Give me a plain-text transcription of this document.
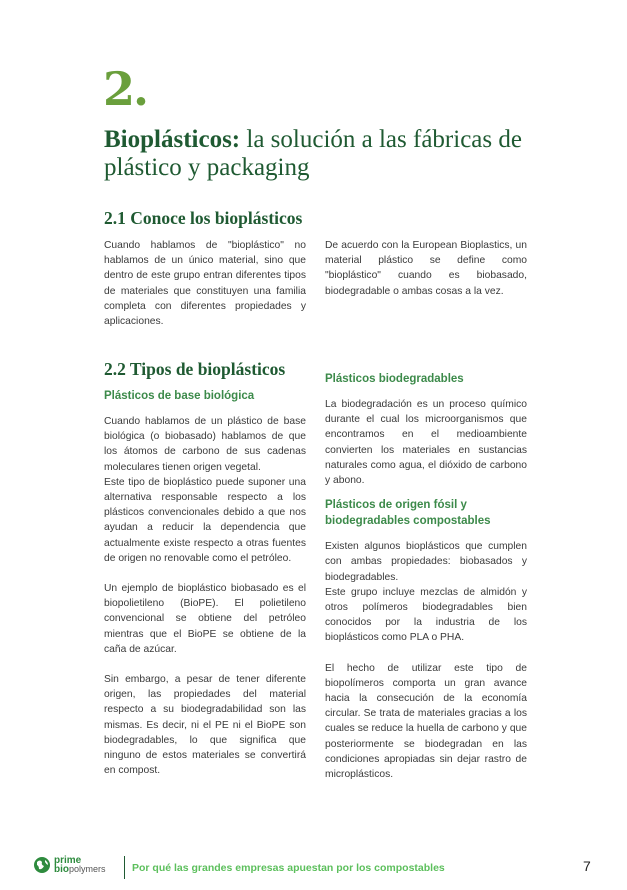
2.
Bioplásticos: la solución a las fábricas de plástico y packaging
2.1 Conoce los bioplásticos

Cuando hablamos de "bioplástico" no hablamos de un único material, sino que dentro de este grupo entran diferentes tipos de materiales que constituyen una familia completa con diferentes propiedades y aplicaciones.

De acuerdo con la European Bioplastics, un material plástico se define como "bioplástico" cuando es biobasado, biodegradable o ambas cosas a la vez.

2.2 Tipos de bioplásticos
Plásticos de base biológica

Cuando hablamos de un plástico de base biológica (o biobasado) hablamos de que los átomos de carbono de sus cadenas moleculares tienen origen vegetal.

Este tipo de bioplástico puede suponer una alternativa responsable respecto a los plásticos convencionales debido a que nos ayudan a reducir la dependencia que actualmente existe respecto a otras fuentes de origen no renovable como el petróleo.

Un ejemplo de bioplástico biobasado es el biopolietileno (BioPE). El polietileno convencional se obtiene del petróleo mientras que el BioPE se obtiene de la caña de azúcar.

Sin embargo, a pesar de tener diferente origen, las propiedades del material respecto a su biodegradabilidad son las mismas. Es decir, ni el PE ni el BioPE son biodegradables, lo que significa que ninguno de estos materiales se convertirá en compost.

Plásticos biodegradables

La biodegradación es un proceso químico durante el cual los microorganismos que encontramos en el medioambiente convierten los materiales en sustancias naturales como agua, el dióxido de carbono y abono.

Plásticos de origen fósil y biodegradables compostables

Existen algunos bioplásticos que cumplen con ambas propiedades: biobasados y biodegradables.

Este grupo incluye mezclas de almidón y otros polímeros biodegradables bien conocidos por la industria de los bioplásticos como PLA o PHA.

El hecho de utilizar este tipo de biopolímeros comporta un gran avance hacia la consecución de la economía circular. Se trata de materiales gracias a los cuales se reduce la huella de carbono y que posteriormente se biodegradan en las condiciones apropiadas sin dejar rastro de microplásticos.

prime
biopolymers	Por qué las grandes empresas apuestan por los compostables	7
